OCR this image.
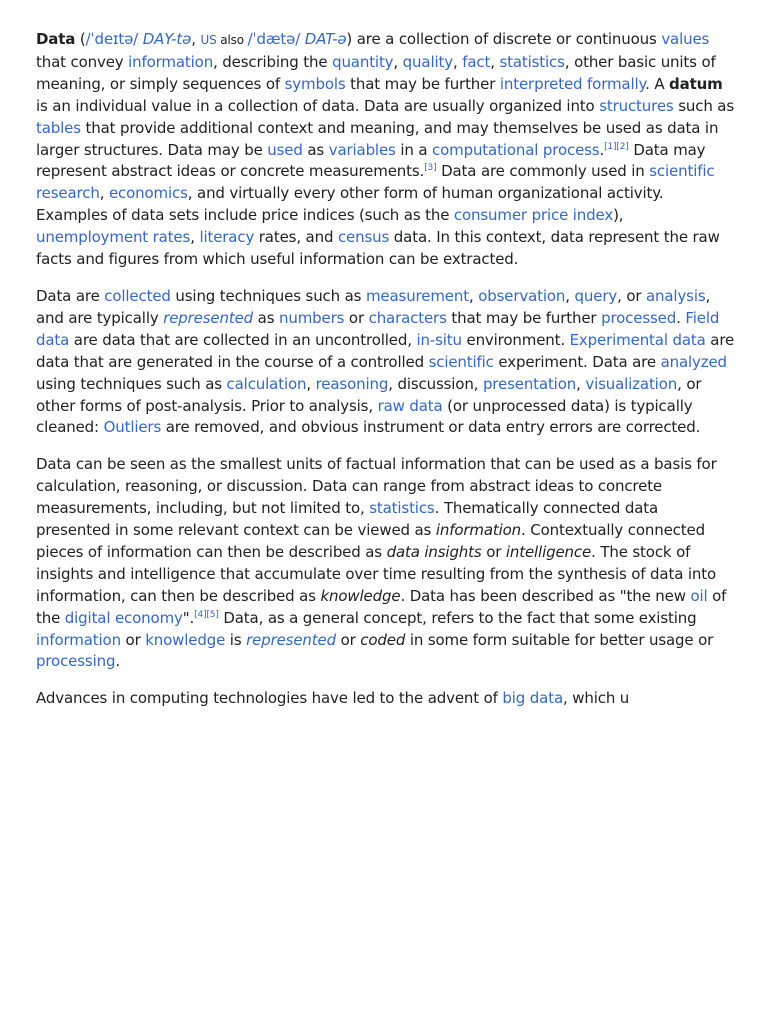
Data (/ˈdeɪtə/ DAY-tə, US also /ˈdætə/ DAT-ə) are a collection of discrete or continuous values that convey information, describing the quantity, quality, fact, statistics, other basic units of meaning, or simply sequences of symbols that may be further interpreted formally. A datum is an individual value in a collection of data. Data are usually organized into structures such as tables that provide additional context and meaning, and may themselves be used as data in larger structures. Data may be used as variables in a computational process.[1][2] Data may represent abstract ideas or concrete measurements.[3] Data are commonly used in scientific research, economics, and virtually every other form of human organizational activity. Examples of data sets include price indices (such as the consumer price index), unemployment rates, literacy rates, and census data. In this context, data represent the raw facts and figures from which useful information can be extracted.

Data are collected using techniques such as measurement, observation, query, or analysis, and are typically represented as numbers or characters that may be further processed. Field data are data that are collected in an uncontrolled, in-situ environment. Experimental data are data that are generated in the course of a controlled scientific experiment. Data are analyzed using techniques such as calculation, reasoning, discussion, presentation, visualization, or other forms of post-analysis. Prior to analysis, raw data (or unprocessed data) is typically cleaned: Outliers are removed, and obvious instrument or data entry errors are corrected.

Data can be seen as the smallest units of factual information that can be used as a basis for calculation, reasoning, or discussion. Data can range from abstract ideas to concrete measurements, including, but not limited to, statistics. Thematically connected data presented in some relevant context can be viewed as information. Contextually connected pieces of information can then be described as data insights or intelligence. The stock of insights and intelligence that accumulate over time resulting from the synthesis of data into information, can then be described as knowledge. Data has been described as "the new oil of the digital economy".[4][5] Data, as a general concept, refers to the fact that some existing information or knowledge is represented or coded in some form suitable for better usage or processing.

Advances in computing technologies have led to the advent of big data, which u
